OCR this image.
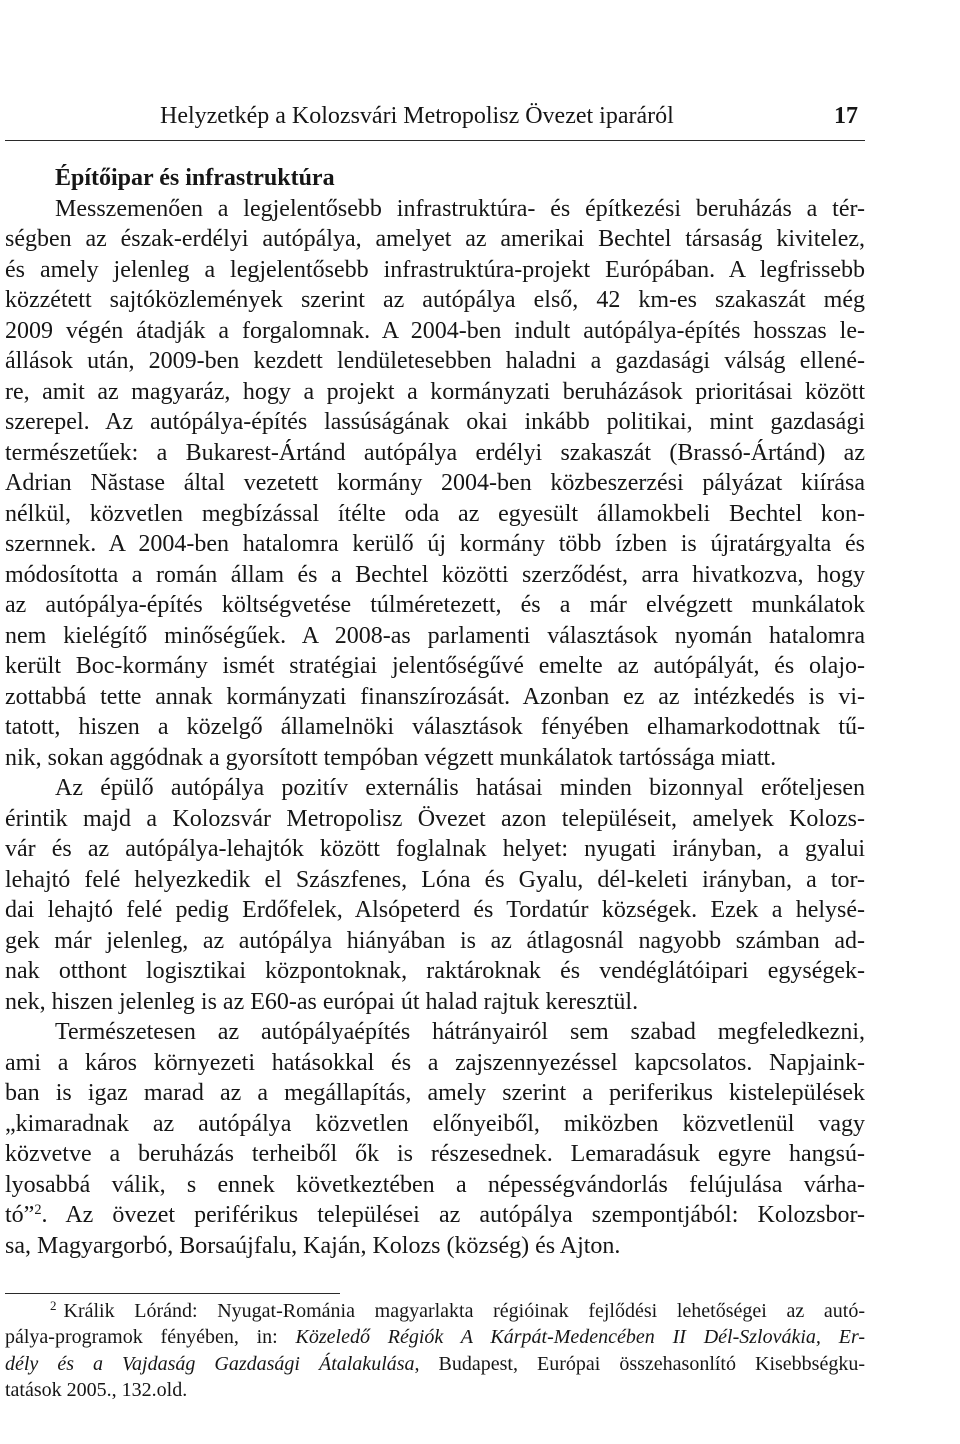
Helyzetkép a Kolozsvári Metropolisz Övezet iparáról	17
Építőipar és infrastruktúra
Messzemenően a legjelentősebb infrastruktúra- és építkezési beruházás a tér-
ségben az észak-erdélyi autópálya, amelyet az amerikai Bechtel társaság kivitelez,
és amely jelenleg a legjelentősebb infrastruktúra-projekt Európában. A legfrissebb
közzétett sajtóközlemények szerint az autópálya első, 42 km-es szakaszát még
2009 végén átadják a forgalomnak. A 2004-ben indult autópálya-építés hosszas le-
állások után, 2009-ben kezdett lendületesebben haladni a gazdasági válság ellené-
re, amit az magyaráz, hogy a projekt a kormányzati beruházások prioritásai között
szerepel. Az autópálya-építés lassúságának okai inkább politikai, mint gazdasági
természetűek: a Bukarest-Ártánd autópálya erdélyi szakaszát (Brassó-Ártánd) az
Adrian Năstase által vezetett kormány 2004-ben közbeszerzési pályázat kiírása
nélkül, közvetlen megbízással ítélte oda az egyesült államokbeli Bechtel kon-
szernnek. A 2004-ben hatalomra kerülő új kormány több ízben is újratárgyalta és
módosította a román állam és a Bechtel közötti szerződést, arra hivatkozva, hogy
az autópálya-építés költségvetése túlméretezett, és a már elvégzett munkálatok
nem kielégítő minőségűek. A 2008-as parlamenti választások nyomán hatalomra
került Boc-kormány ismét stratégiai jelentőségűvé emelte az autópályát, és olajo-
zottabbá tette annak kormányzati finanszírozását. Azonban ez az intézkedés is vi-
tatott, hiszen a közelgő államelnöki választások fényében elhamarkodottnak tű-
nik, sokan aggódnak a gyorsított tempóban végzett munkálatok tartóssága miatt.
Az épülő autópálya pozitív externális hatásai minden bizonnyal erőteljesen
érintik majd a Kolozsvár Metropolisz Övezet azon településeit, amelyek Kolozs-
vár és az autópálya-lehajtók között foglalnak helyet: nyugati irányban, a gyalui
lehajtó felé helyezkedik el Szászfenes, Lóna és Gyalu, dél-keleti irányban, a tor-
dai lehajtó felé pedig Erdőfelek, Alsópeterd és Tordatúr községek. Ezek a helysé-
gek már jelenleg, az autópálya hiányában is az átlagosnál nagyobb számban ad-
nak otthont logisztikai központoknak, raktároknak és vendéglátóipari egységek-
nek, hiszen jelenleg is az E60-as európai út halad rajtuk keresztül.
Természetesen az autópályaépítés hátrányairól sem szabad megfeledkezni,
ami a káros környezeti hatásokkal és a zajszennyezéssel kapcsolatos. Napjaink-
ban is igaz marad az a megállapítás, amely szerint a periferikus kistelepülések
„kimaradnak az autópálya közvetlen előnyeiből, miközben közvetlenül vagy
közvetve a beruházás terheiből ők is részesednek. Lemaradásuk egyre hangsú-
lyosabbá válik, s ennek következtében a népességvándorlás felújulása várha-
tó”$^2$. Az övezet periférikus települései az autópálya szempontjából: Kolozsbor-
sa, Magyargorbó, Borsaújfalu, Kaján, Kolozs (község) és Ajton.
$^2$ Králik Lóránd: Nyugat-Románia magyarlakta régióinak fejlődési lehetőségei az autó-
pálya-programok fényében, in: Közeledő Régiók A Kárpát-Medencében II Dél-Szlovákia, Er-
dély és a Vajdaság Gazdasági Átalakulása, Budapest, Európai összehasonlító Kisebbségku-
tatások 2005., 132.old.
